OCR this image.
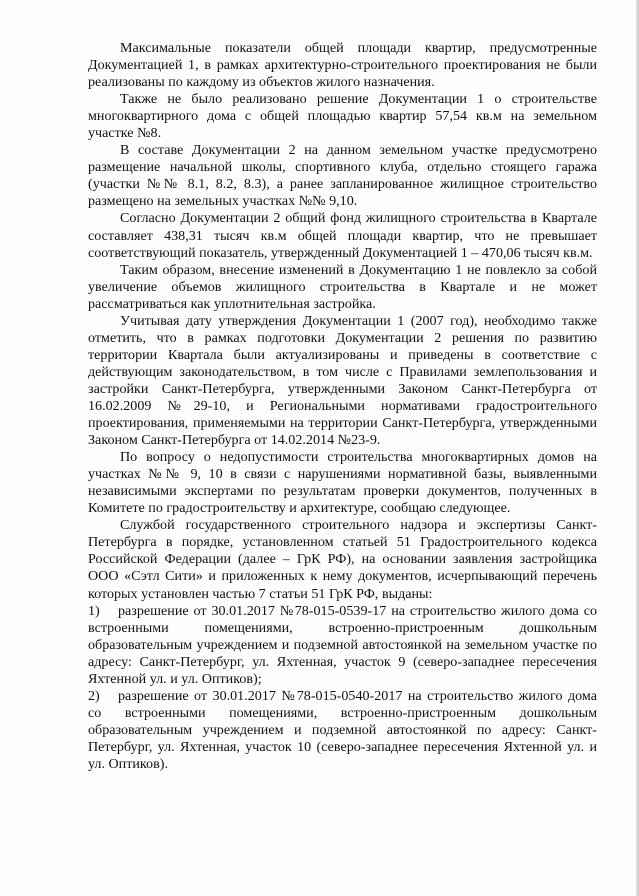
Максимальные показатели общей площади квартир, предусмотренные Документацией 1, в рамках архитектурно-строительного проектирования не были реализованы по каждому из объектов жилого назначения.

Также не было реализовано решение Документации 1 о строительстве многоквартирного дома с общей площадью квартир 57,54 кв.м на земельном участке №8.

В составе Документации 2 на данном земельном участке предусмотрено размещение начальной школы, спортивного клуба, отдельно стоящего гаража (участки №№ 8.1, 8.2, 8.3), а ранее запланированное жилищное строительство размещено на земельных участках №№ 9,10.

Согласно Документации 2 общий фонд жилищного строительства в Квартале составляет 438,31 тысяч кв.м общей площади квартир, что не превышает соответствующий показатель, утвержденный Документацией 1 – 470,06 тысяч кв.м.

Таким образом, внесение изменений в Документацию 1 не повлекло за собой увеличение объемов жилищного строительства в Квартале и не может рассматриваться как уплотнительная застройка.

Учитывая дату утверждения Документации 1 (2007 год), необходимо также отметить, что в рамках подготовки Документации 2 решения по развитию территории Квартала были актуализированы и приведены в соответствие с действующим законодательством, в том числе с Правилами землепользования и застройки Санкт-Петербурга, утвержденными Законом Санкт-Петербурга от 16.02.2009 №29-10, и Региональными нормативами градостроительного проектирования, применяемыми на территории Санкт-Петербурга, утвержденными Законом Санкт-Петербурга от 14.02.2014 №23-9.

По вопросу о недопустимости строительства многоквартирных домов на участках №№ 9, 10 в связи с нарушениями нормативной базы, выявленными независимыми экспертами по результатам проверки документов, полученных в Комитете по градостроительству и архитектуре, сообщаю следующее.

Службой государственного строительного надзора и экспертизы Санкт-Петербурга в порядке, установленном статьей 51 Градостроительного кодекса Российской Федерации (далее – ГрК РФ), на основании заявления застройщика ООО «Сэтл Сити» и приложенных к нему документов, исчерпывающий перечень которых установлен частью 7 статьи 51 ГрК РФ, выданы:

1) разрешение от 30.01.2017 №78-015-0539-17 на строительство жилого дома со встроенными помещениями, встроенно-пристроенным дошкольным образовательным учреждением и подземной автостоянкой на земельном участке по адресу: Санкт-Петербург, ул. Яхтенная, участок 9 (северо-западнее пересечения Яхтенной ул. и ул. Оптиков);

2) разрешение от 30.01.2017 №78-015-0540-2017 на строительство жилого дома со встроенными помещениями, встроенно-пристроенным дошкольным образовательным учреждением и подземной автостоянкой по адресу: Санкт-Петербург, ул. Яхтенная, участок 10 (северо-западнее пересечения Яхтенной ул. и ул. Оптиков).
